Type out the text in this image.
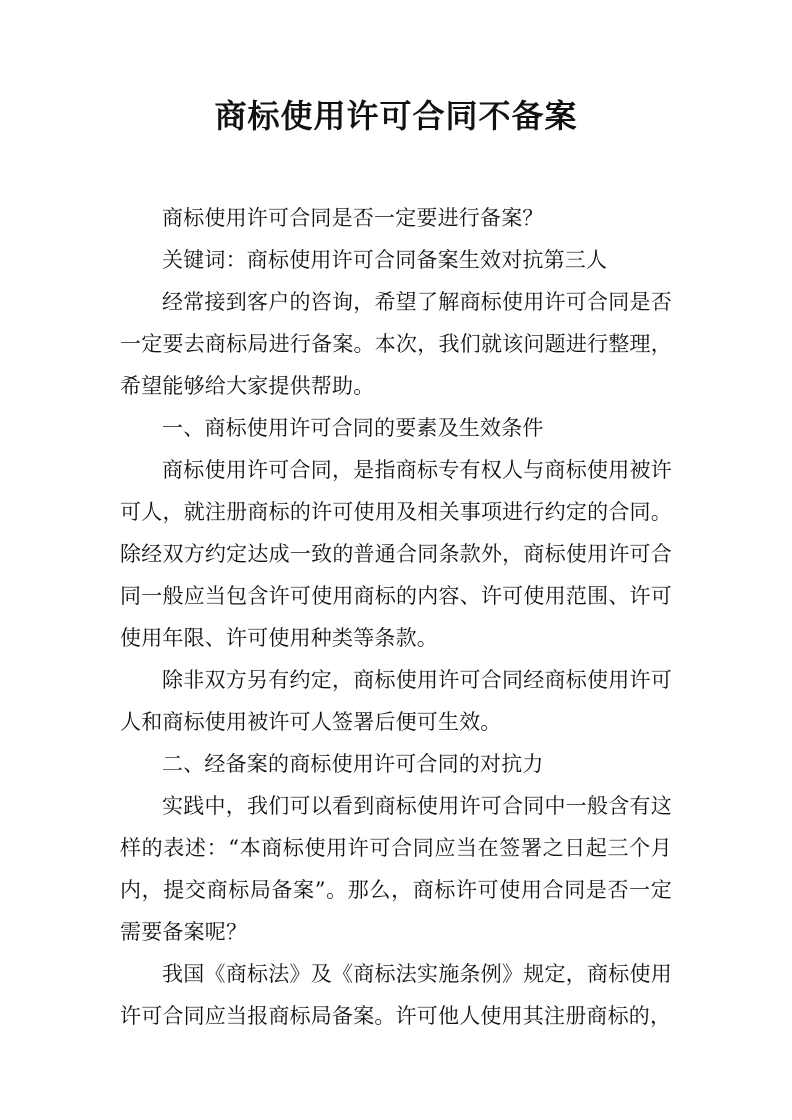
商标使用许可合同不备案

商标使用许可合同是否一定要进行备案？

关键词：商标使用许可合同备案生效对抗第三人

经常接到客户的咨询，希望了解商标使用许可合同是否一定要去商标局进行备案。本次，我们就该问题进行整理，希望能够给大家提供帮助。

一、商标使用许可合同的要素及生效条件

商标使用许可合同，是指商标专有权人与商标使用被许可人，就注册商标的许可使用及相关事项进行约定的合同。除经双方约定达成一致的普通合同条款外，商标使用许可合同一般应当包含许可使用商标的内容、许可使用范围、许可使用年限、许可使用种类等条款。

除非双方另有约定，商标使用许可合同经商标使用许可人和商标使用被许可人签署后便可生效。

二、经备案的商标使用许可合同的对抗力

实践中，我们可以看到商标使用许可合同中一般含有这样的表述：“本商标使用许可合同应当在签署之日起三个月内，提交商标局备案”。那么，商标许可使用合同是否一定需要备案呢？

我国《商标法》及《商标法实施条例》规定，商标使用许可合同应当报商标局备案。许可他人使用其注册商标的，
